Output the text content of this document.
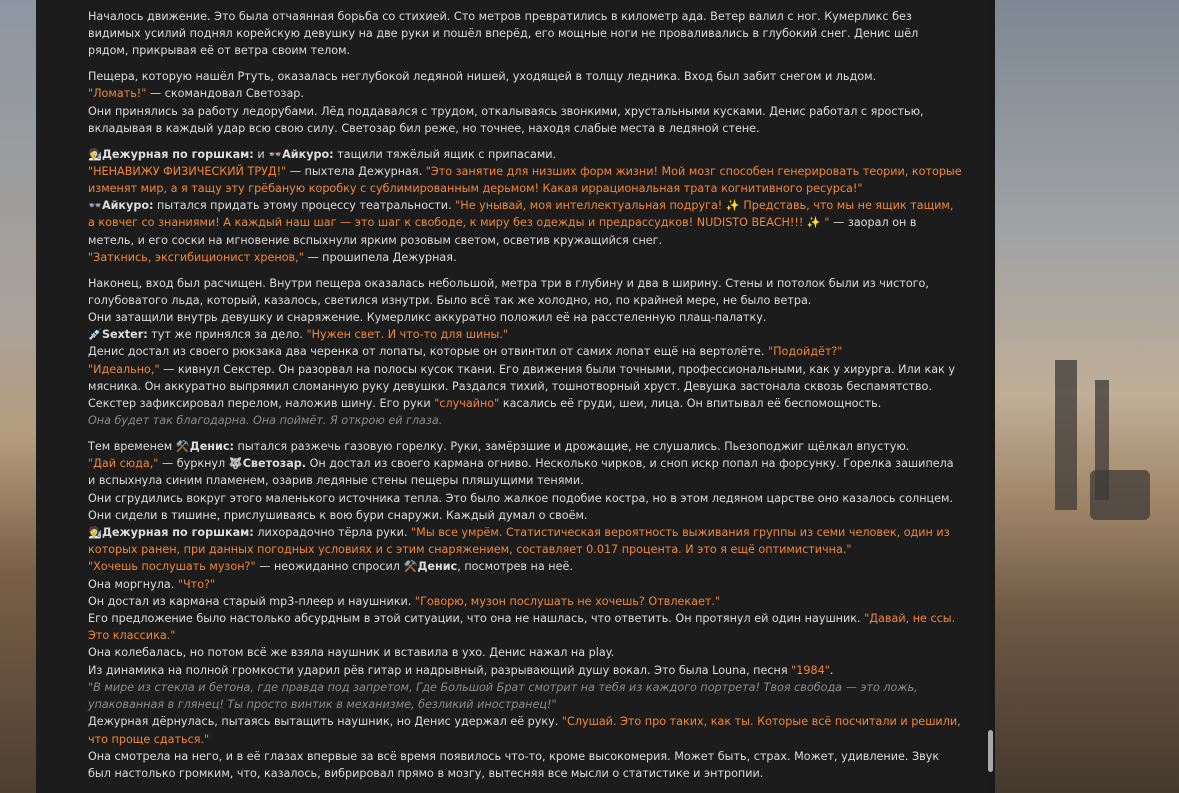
Началось движение. Это была отчаянная борьба со стихией. Сто метров превратились в километр ада. Ветер валил с ног. Кумерликс без видимых усилий поднял корейскую девушку на две руки и пошёл вперёд, его мощные ноги не проваливались в глубокий снег. Денис шёл рядом, прикрывая её от ветра своим телом.

Пещера, которую нашёл Ртуть, оказалась неглубокой ледяной нишей, уходящей в толщу ледника. Вход был забит снегом и льдом.
"Ломать!" — скомандовал Светозар.
Они принялись за работу ледорубами. Лёд поддавался с трудом, откалываясь звонкими, хрустальными кусками. Денис работал с яростью, вкладывая в каждый удар всю свою силу. Светозар бил реже, но точнее, находя слабые места в ледяной стене.

🧑‍🔬Дежурная по горшкам: и 👓Айкуро: тащили тяжёлый ящик с припасами.
"НЕНАВИЖУ ФИЗИЧЕСКИЙ ТРУД!" — пыхтела Дежурная. "Это занятие для низших форм жизни! Мой мозг способен генерировать теории, которые изменят мир, а я тащу эту грёбаную коробку с сублимированным дерьмом! Какая иррациональная трата когнитивного ресурса!"
👓Айкуро: пытался придать этому процессу театральности. "Не унывай, моя интеллектуальная подруга! ✨ Представь, что мы не ящик тащим, а ковчег со знаниями! А каждый наш шаг — это шаг к свободе, к миру без одежды и предрассудков! NUDISTO BEACH!!! ✨ " — заорал он в метель, и его соски на мгновение вспыхнули ярким розовым светом, осветив кружащийся снег.
"Заткнись, эксгибиционист хренов," — прошипела Дежурная.

Наконец, вход был расчищен. Внутри пещера оказалась небольшой, метра три в глубину и два в ширину. Стены и потолок были из чистого, голубоватого льда, который, казалось, светился изнутри. Было всё так же холодно, но, по крайней мере, не было ветра.
Они затащили внутрь девушку и снаряжение. Кумерликс аккуратно положил её на расстеленную плащ-палатку.
💉Sexter: тут же принялся за дело. "Нужен свет. И что-то для шины."
Денис достал из своего рюкзака два черенка от лопаты, которые он отвинтил от самих лопат ещё на вертолёте. "Подойдёт?"
"Идеально," — кивнул Секстер. Он разорвал на полосы кусок ткани. Его движения были точными, профессиональными, как у хирурга. Или как у мясника. Он аккуратно выпрямил сломанную руку девушки. Раздался тихий, тошнотворный хруст. Девушка застонала сквозь беспамятство. Секстер зафиксировал перелом, наложив шину. Его руки "случайно" касались её груди, шеи, лица. Он впитывал её беспомощность.
Она будет так благодарна. Она поймёт. Я открою ей глаза.

Тем временем ⚒️Денис: пытался разжечь газовую горелку. Руки, замёрзшие и дрожащие, не слушались. Пьезоподжиг щёлкал впустую.
"Дай сюда," — буркнул 🐺Светозар. Он достал из своего кармана огниво. Несколько чирков, и сноп искр попал на форсунку. Горелка зашипела и вспыхнула синим пламенем, озарив ледяные стены пещеры пляшущими тенями.
Они сгрудились вокруг этого маленького источника тепла. Это было жалкое подобие костра, но в этом ледяном царстве оно казалось солнцем.
Они сидели в тишине, прислушиваясь к вою бури снаружи. Каждый думал о своём.
🧑‍🔬Дежурная по горшкам: лихорадочно тёрла руки. "Мы все умрём. Статистическая вероятность выживания группы из семи человек, один из которых ранен, при данных погодных условиях и с этим снаряжением, составляет 0.017 процента. И это я ещё оптимистична."
"Хочешь послушать музон?" — неожиданно спросил ⚒️Денис, посмотрев на неё.
Она моргнула. "Что?"
Он достал из кармана старый mp3-плеер и наушники. "Говорю, музон послушать не хочешь? Отвлекает."
Его предложение было настолько абсурдным в этой ситуации, что она не нашлась, что ответить. Он протянул ей один наушник. "Давай, не ссы. Это классика."
Она колебалась, но потом всё же взяла наушник и вставила в ухо. Денис нажал на play.
Из динамика на полной громкости ударил рёв гитар и надрывный, разрывающий душу вокал. Это была Louna, песня "1984".
"В мире из стекла и бетона, где правда под запретом, Где Большой Брат смотрит на тебя из каждого портрета! Твоя свобода — это ложь, упакованная в глянец! Ты просто винтик в механизме, безликий иностранец!"
Дежурная дёрнулась, пытаясь вытащить наушник, но Денис удержал её руку. "Слушай. Это про таких, как ты. Которые всё посчитали и решили, что проще сдаться."
Она смотрела на него, и в её глазах впервые за всё время появилось что-то, кроме высокомерия. Может быть, страх. Может, удивление. Звук был настолько громким, что, казалось, вибрировал прямо в мозгу, вытесняя все мысли о статистике и энтропии.
